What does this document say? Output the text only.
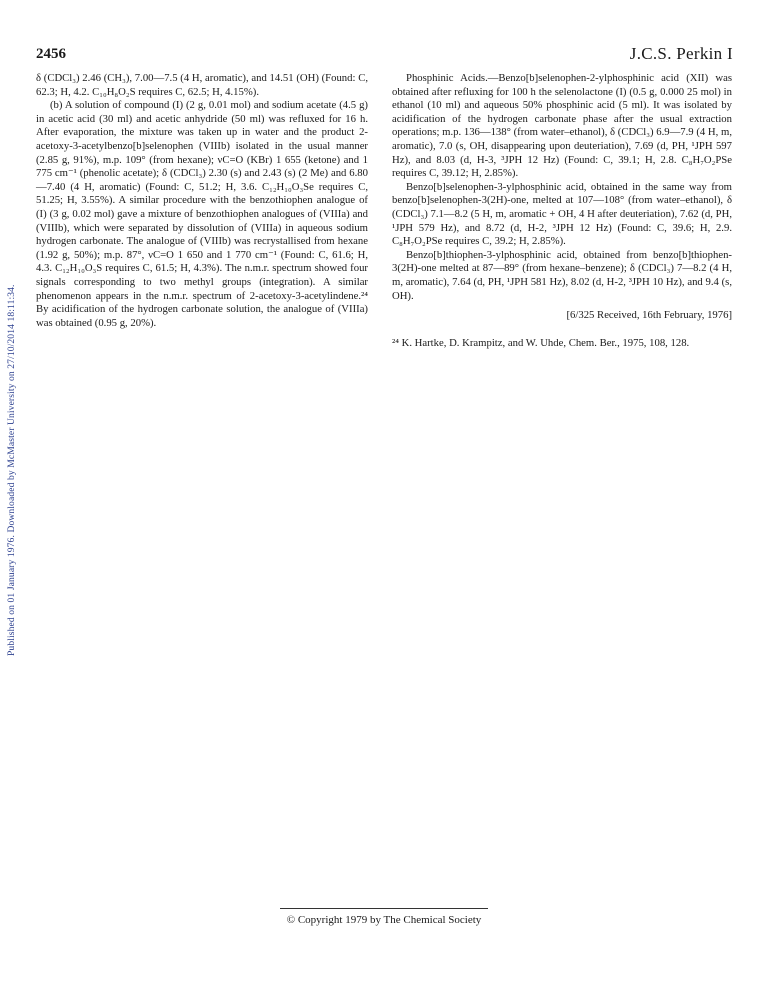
Published on 01 January 1976. Downloaded by McMaster University on 27/10/2014 18:11:34.
2456	J.C.S. Perkin I

δ (CDCl₃) 2.46 (CH₃), 7.00—7.5 (4 H, aromatic), and 14.51 (OH) (Found: C, 62.3; H, 4.2. C₁₀H₈O₂S requires C, 62.5; H, 4.15%).

(b) A solution of compound (I) (2 g, 0.01 mol) and sodium acetate (4.5 g) in acetic acid (30 ml) and acetic anhydride (50 ml) was refluxed for 16 h. After evaporation, the mixture was taken up in water and the product 2-acetoxy-3-acetylbenzo[b]selenophen (VIIIb) isolated in the usual manner (2.85 g, 91%), m.p. 109° (from hexane); νC=O (KBr) 1 655 (ketone) and 1 775 cm⁻¹ (phenolic acetate); δ (CDCl₃) 2.30 (s) and 2.43 (s) (2 Me) and 6.80—7.40 (4 H, aromatic) (Found: C, 51.2; H, 3.6. C₁₂H₁₀O₃Se requires C, 51.25; H, 3.55%). A similar procedure with the benzothiophen analogue of (I) (3 g, 0.02 mol) gave a mixture of benzothiophen analogues of (VIIIa) and (VIIIb), which were separated by dissolution of (VIIIa) in aqueous sodium hydrogen carbonate. The analogue of (VIIIb) was recrystallised from hexane (1.92 g, 50%); m.p. 87°, νC=O 1 650 and 1 770 cm⁻¹ (Found: C, 61.6; H, 4.3. C₁₂H₁₀O₃S requires C, 61.5; H, 4.3%). The n.m.r. spectrum showed four signals corresponding to two methyl groups (integration). A similar phenomenon appears in the n.m.r. spectrum of 2-acetoxy-3-acetylindene.²⁴ By acidification of the hydrogen carbonate solution, the analogue of (VIIIa) was obtained (0.95 g, 20%).

Phosphinic Acids.—Benzo[b]selenophen-2-ylphosphinic acid (XII) was obtained after refluxing for 100 h the selenolactone (I) (0.5 g, 0.000 25 mol) in ethanol (10 ml) and aqueous 50% phosphinic acid (5 ml). It was isolated by acidification of the hydrogen carbonate phase after the usual extraction operations; m.p. 136—138° (from water–ethanol), δ (CDCl₃) 6.9—7.9 (4 H, m, aromatic), 7.0 (s, OH, disappearing upon deuteriation), 7.69 (d, PH, ¹JPH 597 Hz), and 8.03 (d, H-3, ³JPH 12 Hz) (Found: C, 39.1; H, 2.8. C₈H₇O₂PSe requires C, 39.12; H, 2.85%).

Benzo[b]selenophen-3-ylphosphinic acid, obtained in the same way from benzo[b]selenophen-3(2H)-one, melted at 107—108° (from water–ethanol), δ (CDCl₃) 7.1—8.2 (5 H, m, aromatic + OH, 4 H after deuteriation), 7.62 (d, PH, ¹JPH 579 Hz), and 8.72 (d, H-2, ³JPH 12 Hz) (Found: C, 39.6; H, 2.9. C₈H₇O₂PSe requires C, 39.2; H, 2.85%).

Benzo[b]thiophen-3-ylphosphinic acid, obtained from benzo[b]thiophen-3(2H)-one melted at 87—89° (from hexane–benzene); δ (CDCl₃) 7—8.2 (4 H, m, aromatic), 7.64 (d, PH, ¹JPH 581 Hz), 8.02 (d, H-2, ³JPH 10 Hz), and 9.4 (s, OH).

[6/325 Received, 16th February, 1976]

²⁴ K. Hartke, D. Krampitz, and W. Uhde, Chem. Ber., 1975, 108, 128.

© Copyright 1979 by The Chemical Society
